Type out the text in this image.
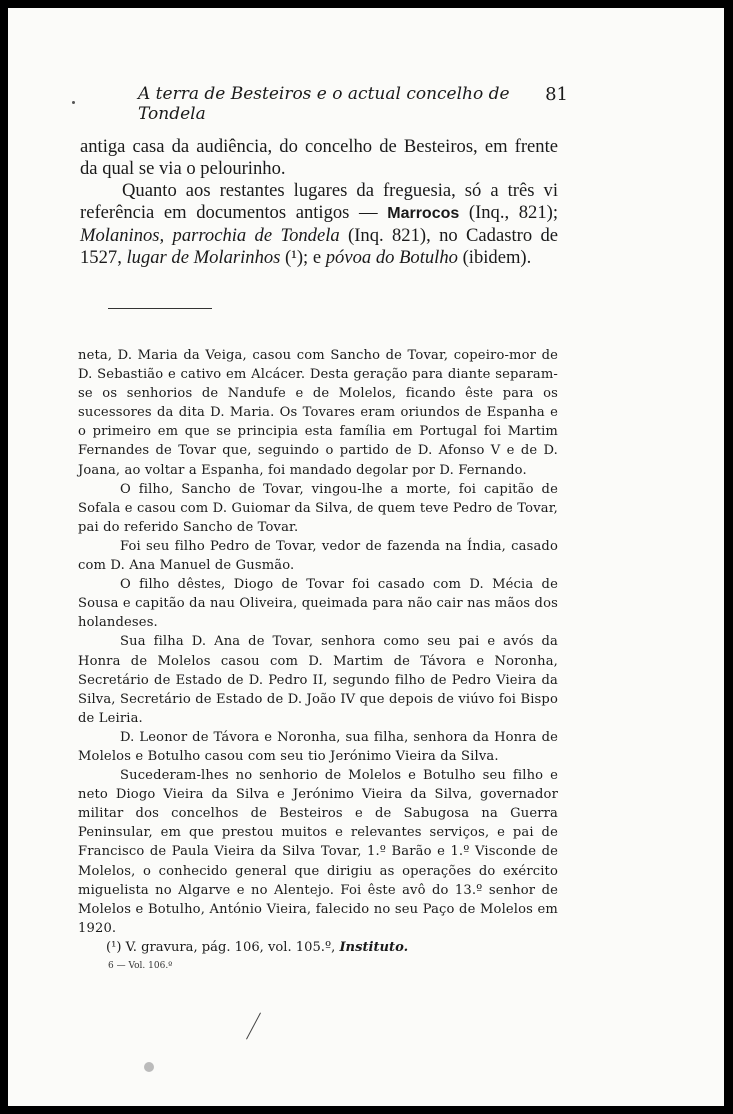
A terra de Besteiros e o actual concelho de Tondela
81

antiga casa da audiência, do concelho de Besteiros, em frente da qual se via o pelourinho.

Quanto aos restantes lugares da freguesia, só a três vi referência em documentos antigos — Marrocos (Inq., 821); Molaninos, parrochia de Tondela (Inq. 821), no Cadastro de 1527, lugar de Molarinhos (¹); e póvoa do Botulho (ibidem).

neta, D. Maria da Veiga, casou com Sancho de Tovar, copeiro-mor de D. Sebastião e cativo em Alcácer. Desta geração para diante separam-se os senhorios de Nandufe e de Molelos, ficando êste para os sucessores da dita D. Maria. Os Tovares eram oriundos de Espanha e o primeiro em que se principia esta família em Portugal foi Martim Fernandes de Tovar que, seguindo o partido de D. Afonso V e de D. Joana, ao voltar a Espanha, foi mandado degolar por D. Fernando.

O filho, Sancho de Tovar, vingou-lhe a morte, foi capitão de Sofala e casou com D. Guiomar da Silva, de quem teve Pedro de Tovar, pai do referido Sancho de Tovar.

Foi seu filho Pedro de Tovar, vedor de fazenda na Índia, casado com D. Ana Manuel de Gusmão.

O filho dêstes, Diogo de Tovar foi casado com D. Mécia de Sousa e capitão da nau Oliveira, queimada para não cair nas mãos dos holandeses.

Sua filha D. Ana de Tovar, senhora como seu pai e avós da Honra de Molelos casou com D. Martim de Távora e Noronha, Secretário de Estado de D. Pedro II, segundo filho de Pedro Vieira da Silva, Secretário de Estado de D. João IV que depois de viúvo foi Bispo de Leiria.

D. Leonor de Távora e Noronha, sua filha, senhora da Honra de Molelos e Botulho casou com seu tio Jerónimo Vieira da Silva.

Sucederam-lhes no senhorio de Molelos e Botulho seu filho e neto Diogo Vieira da Silva e Jerónimo Vieira da Silva, governador militar dos concelhos de Besteiros e de Sabugosa na Guerra Peninsular, em que prestou muitos e relevantes serviços, e pai de Francisco de Paula Vieira da Silva Tovar, 1.º Barão e 1.º Visconde de Molelos, o conhecido general que dirigiu as operações do exército miguelista no Algarve e no Alentejo. Foi êste avô do 13.º senhor de Molelos e Botulho, António Vieira, falecido no seu Paço de Molelos em 1920.

(¹) V. gravura, pág. 106, vol. 105.º, Instituto.
6 — Vol. 106.º
